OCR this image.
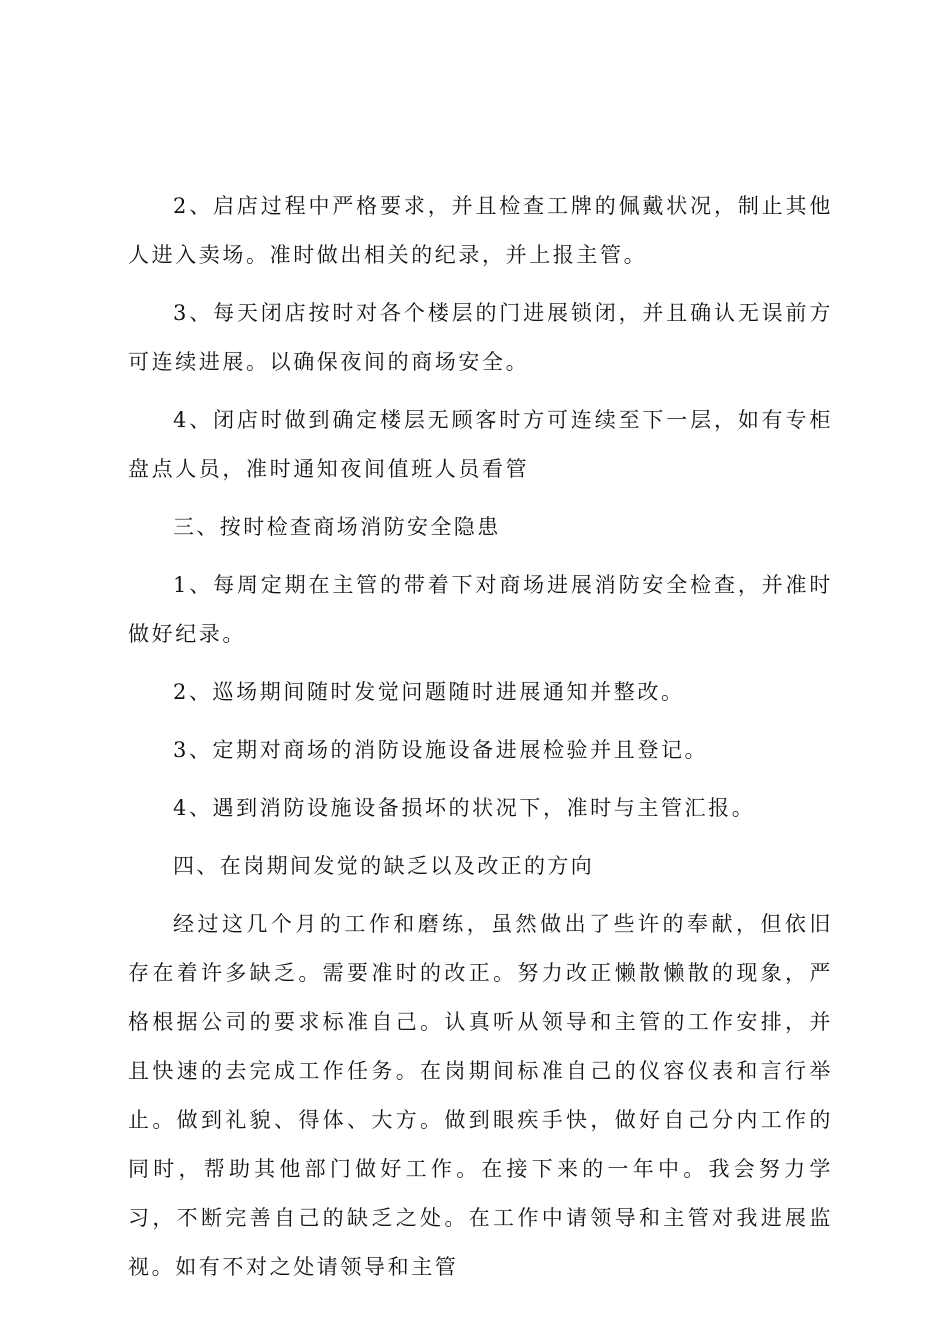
2、启店过程中严格要求，并且检查工牌的佩戴状况，制止其他人进入卖场。准时做出相关的纪录，并上报主管。

3、每天闭店按时对各个楼层的门进展锁闭，并且确认无误前方可连续进展。以确保夜间的商场安全。

4、闭店时做到确定楼层无顾客时方可连续至下一层，如有专柜盘点人员，准时通知夜间值班人员看管

三、按时检查商场消防安全隐患

1、每周定期在主管的带着下对商场进展消防安全检查，并准时做好纪录。

2、巡场期间随时发觉问题随时进展通知并整改。

3、定期对商场的消防设施设备进展检验并且登记。

4、遇到消防设施设备损坏的状况下，准时与主管汇报。

四、在岗期间发觉的缺乏以及改正的方向

经过这几个月的工作和磨练，虽然做出了些许的奉献，但依旧存在着许多缺乏。需要准时的改正。努力改正懒散懒散的现象，严格根据公司的要求标准自己。认真听从领导和主管的工作安排，并且快速的去完成工作任务。在岗期间标准自己的仪容仪表和言行举止。做到礼貌、得体、大方。做到眼疾手快，做好自己分内工作的同时，帮助其他部门做好工作。在接下来的一年中。我会努力学习，不断完善自己的缺乏之处。在工作中请领导和主管对我进展监视。如有不对之处请领导和主管
